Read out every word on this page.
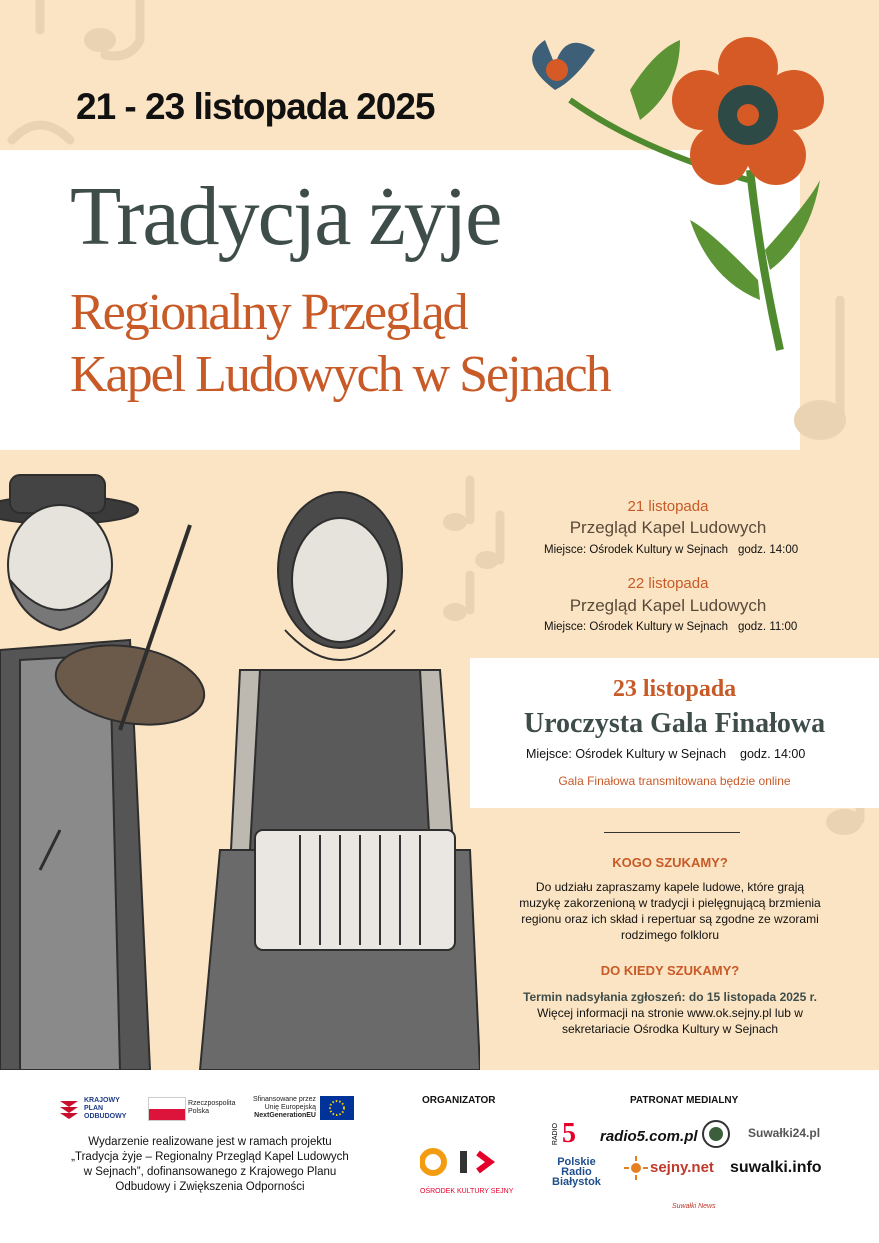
21 - 23 listopada 2025
Tradycja żyje
Regionalny Przegląd
Kapel Ludowych w Sejnach
21 listopada
Przegląd Kapel Ludowych
Miejsce: Ośrodek Kultury w Sejnach godz. 14:00
22 listopada
Przegląd Kapel Ludowych
Miejsce: Ośrodek Kultury w Sejnach godz. 11:00
23 listopada
Uroczysta Gala Finałowa
Miejsce: Ośrodek Kultury w Sejnach godz. 14:00
Gala Finałowa transmitowana będzie online
KOGO SZUKAMY?
Do udziału zapraszamy kapele ludowe, które grają
muzykę zakorzenioną w tradycji i pielęgnującą brzmienia
regionu oraz ich skład i repertuar są zgodne ze wzorami
rodzimego folkloru
DO KIEDY SZUKAMY?
Termin nadsyłania zgłoszeń: do 15 listopada 2025 r.
Więcej informacji na stronie www.ok.sejny.pl lub w
sekretariacie Ośrodka Kultury w Sejnach
KRAJOWY
PLAN
ODBUDOWY
Rzeczpospolita
Polska
Sfinansowane przez
Unię Europejską
NextGenerationEU
Wydarzenie realizowane jest w ramach projektu
„Tradycja żyje – Regionalny Przegląd Kapel Ludowych
w Sejnach”, dofinansowanego z Krajowego Planu
Odbudowy i Zwiększenia Odporności
ORGANIZATOR
OŚRODEK KULTURY SEJNY
PATRONAT MEDIALNY
RADIO 5 radio5.com.pl	Suwałki24.pl
Polskie
Radio
Białystok
sejny.net suwalki.info
Suwałki News
